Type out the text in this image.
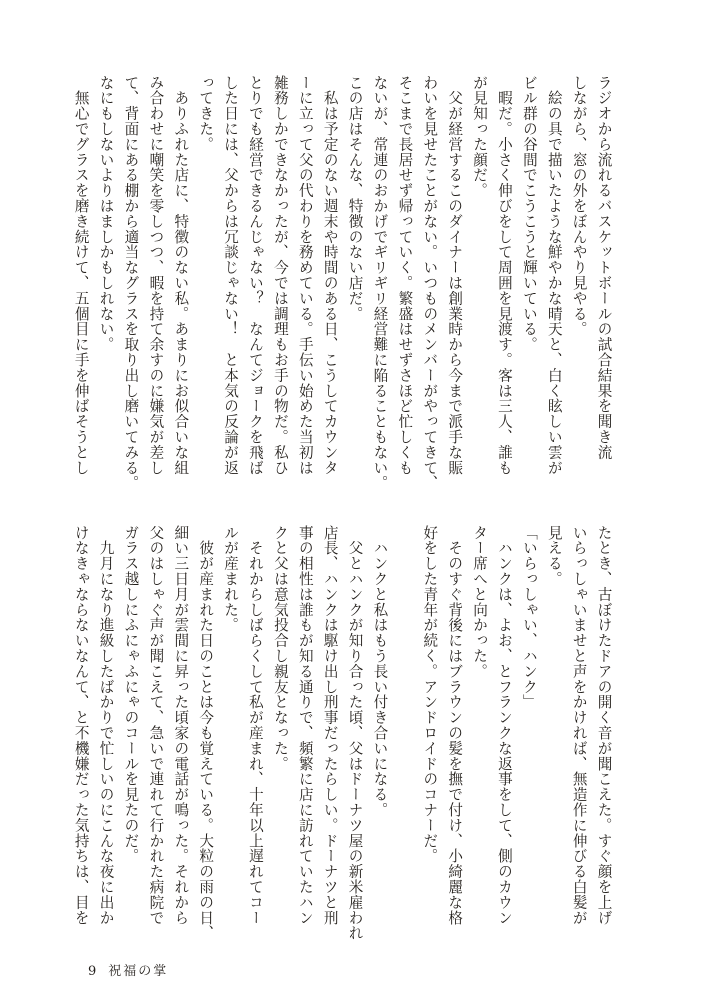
ラジオから流れるバスケットボールの試合結果を聞き流
しながら、窓の外をぼんやり見やる。
　絵の具で描いたような鮮やかな晴天と、白く眩しい雲が
ビル群の谷間でこうこうと輝いている。
　暇だ。小さく伸びをして周囲を見渡す。客は三人、誰も
が見知った顔だ。
　父が経営するこのダイナーは創業時から今まで派手な賑
わいを見せたことがない。いつものメンバーがやってきて、
そこまで長居せず帰っていく。繁盛はせずさほど忙しくも
ないが、常連のおかげでギリギリ経営難に陥ることもない。
この店はそんな、特徴のない店だ。
　私は予定のない週末や時間のある日、こうしてカウンタ
ーに立って父の代わりを務めている。手伝い始めた当初は
雑務しかできなかったが、今では調理もお手の物だ。私ひ
とりでも経営できるんじゃない？　なんてジョークを飛ば
した日には、父からは冗談じゃない！　と本気の反論が返
ってきた。
　ありふれた店に、特徴のない私。あまりにお似合いな組
み合わせに嘲笑を零しつつ、暇を持て余すのに嫌気が差し
て、背面にある棚から適当なグラスを取り出し磨いてみる。
なにもしないよりはましかもしれない。
　無心でグラスを磨き続けて、五個目に手を伸ばそうとし
たとき、古ぼけたドアの開く音が聞こえた。すぐ顔を上げ
いらっしゃいませと声をかければ、無造作に伸びる白髪が
見える。
「いらっしゃい、ハンク」
　ハンクは、よお、とフランクな返事をして、側のカウン
ター席へと向かった。
　そのすぐ背後にはブラウンの髪を撫で付け、小綺麗な格
好をした青年が続く。アンドロイドのコナーだ。
　ハンクと私はもう長い付き合いになる。
　父とハンクが知り合った頃、父はドーナツ屋の新米雇われ
店長、ハンクは駆け出し刑事だったらしい。ドーナツと刑
事の相性は誰もが知る通りで、頻繁に店に訪れていたハン
クと父は意気投合し親友となった。
　それからしばらくして私が産まれ、十年以上遅れてコー
ルが産まれた。
　彼が産まれた日のことは今も覚えている。大粒の雨の日、
細い三日月が雲間に昇った頃家の電話が鳴った。それから
父のはしゃぐ声が聞こえて、急いで連れて行かれた病院で
ガラス越しにふにゃふにゃのコールを見たのだ。
　九月になり進級したばかりで忙しいのにこんな夜に出か
けなきゃならないなんて、と不機嫌だった気持ちは、目を
9 祝福の掌
